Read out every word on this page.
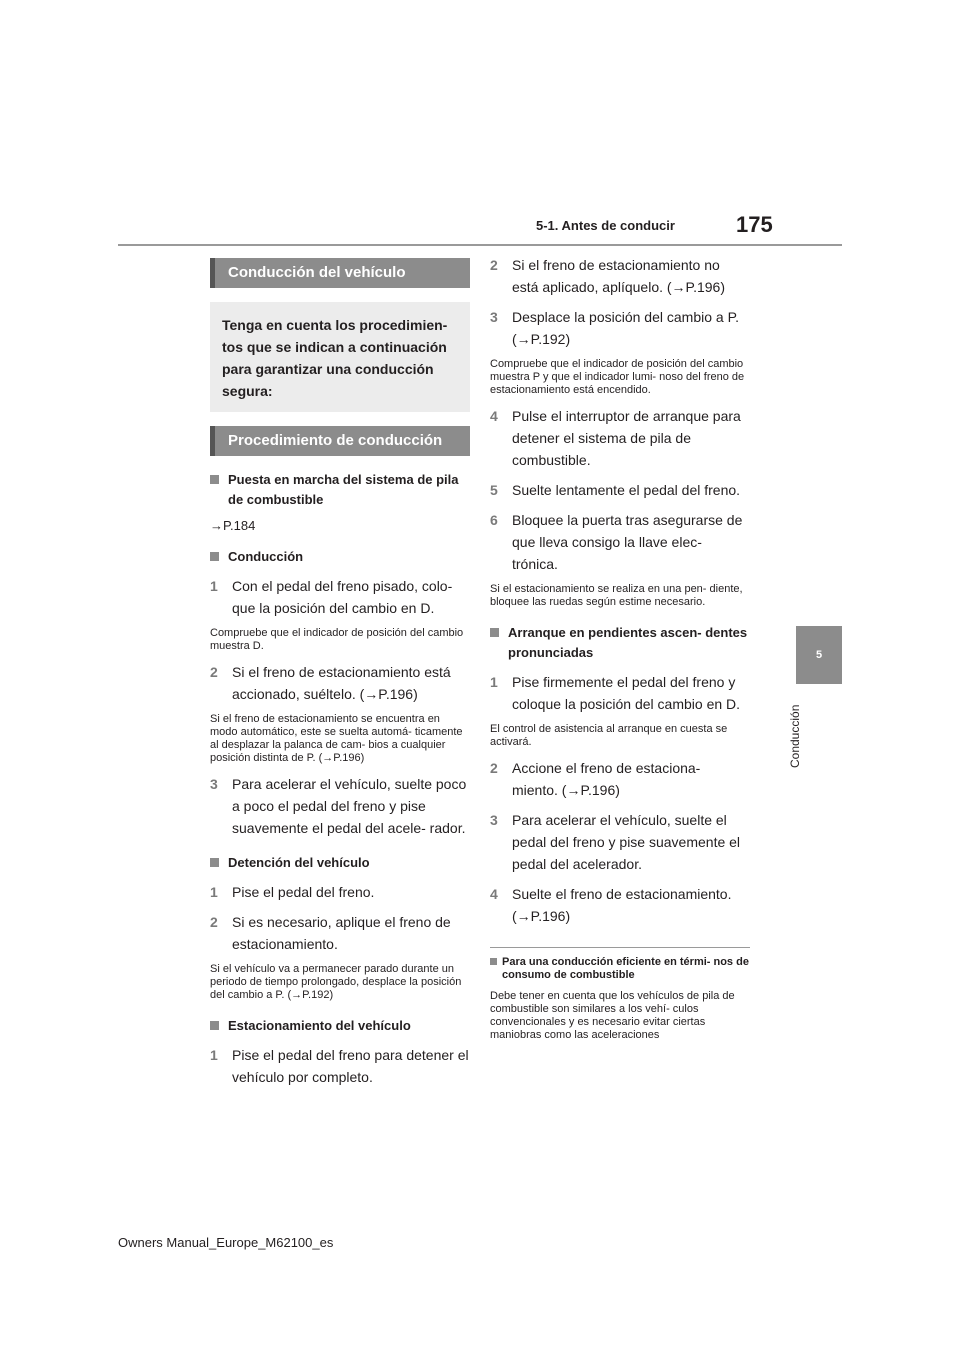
5-1. Antes de conducir	175
5
Conducción
Conducción del vehículo
Tenga en cuenta los procedimien- tos que se indican a continuación para garantizar una conducción segura:
Procedimiento de conducción
Puesta en marcha del sistema de pila de combustible
→P.184
Conducción
1 Con el pedal del freno pisado, colo- que la posición del cambio en D.
Compruebe que el indicador de posición del cambio muestra D.
2 Si el freno de estacionamiento está accionado, suéltelo. (→P.196)
Si el freno de estacionamiento se encuentra en modo automático, este se suelta automá- ticamente al desplazar la palanca de cam- bios a cualquier posición distinta de P. (→P.196)
3 Para acelerar el vehículo, suelte poco a poco el pedal del freno y pise suavemente el pedal del acele- rador.
Detención del vehículo
1 Pise el pedal del freno.
2 Si es necesario, aplique el freno de estacionamiento.
Si el vehículo va a permanecer parado durante un periodo de tiempo prolongado, desplace la posición del cambio a P. (→P.192)
Estacionamiento del vehículo
1 Pise el pedal del freno para detener el vehículo por completo.
2 Si el freno de estacionamiento no está aplicado, aplíquelo. (→P.196)
3 Desplace la posición del cambio a P. (→P.192)
Compruebe que el indicador de posición del cambio muestra P y que el indicador lumi- noso del freno de estacionamiento está encendido.
4 Pulse el interruptor de arranque para detener el sistema de pila de combustible.
5 Suelte lentamente el pedal del freno.
6 Bloquee la puerta tras asegurarse de que lleva consigo la llave elec- trónica.
Si el estacionamiento se realiza en una pen- diente, bloquee las ruedas según estime necesario.
Arranque en pendientes ascen- dentes pronunciadas
1 Pise firmemente el pedal del freno y coloque la posición del cambio en D.
El control de asistencia al arranque en cuesta se activará.
2 Accione el freno de estaciona- miento. (→P.196)
3 Para acelerar el vehículo, suelte el pedal del freno y pise suavemente el pedal del acelerador.
4 Suelte el freno de estacionamiento. (→P.196)
Para una conducción eficiente en térmi- nos de consumo de combustible
Debe tener en cuenta que los vehículos de pila de combustible son similares a los vehí- culos convencionales y es necesario evitar ciertas maniobras como las aceleraciones
Owners Manual_Europe_M62100_es
